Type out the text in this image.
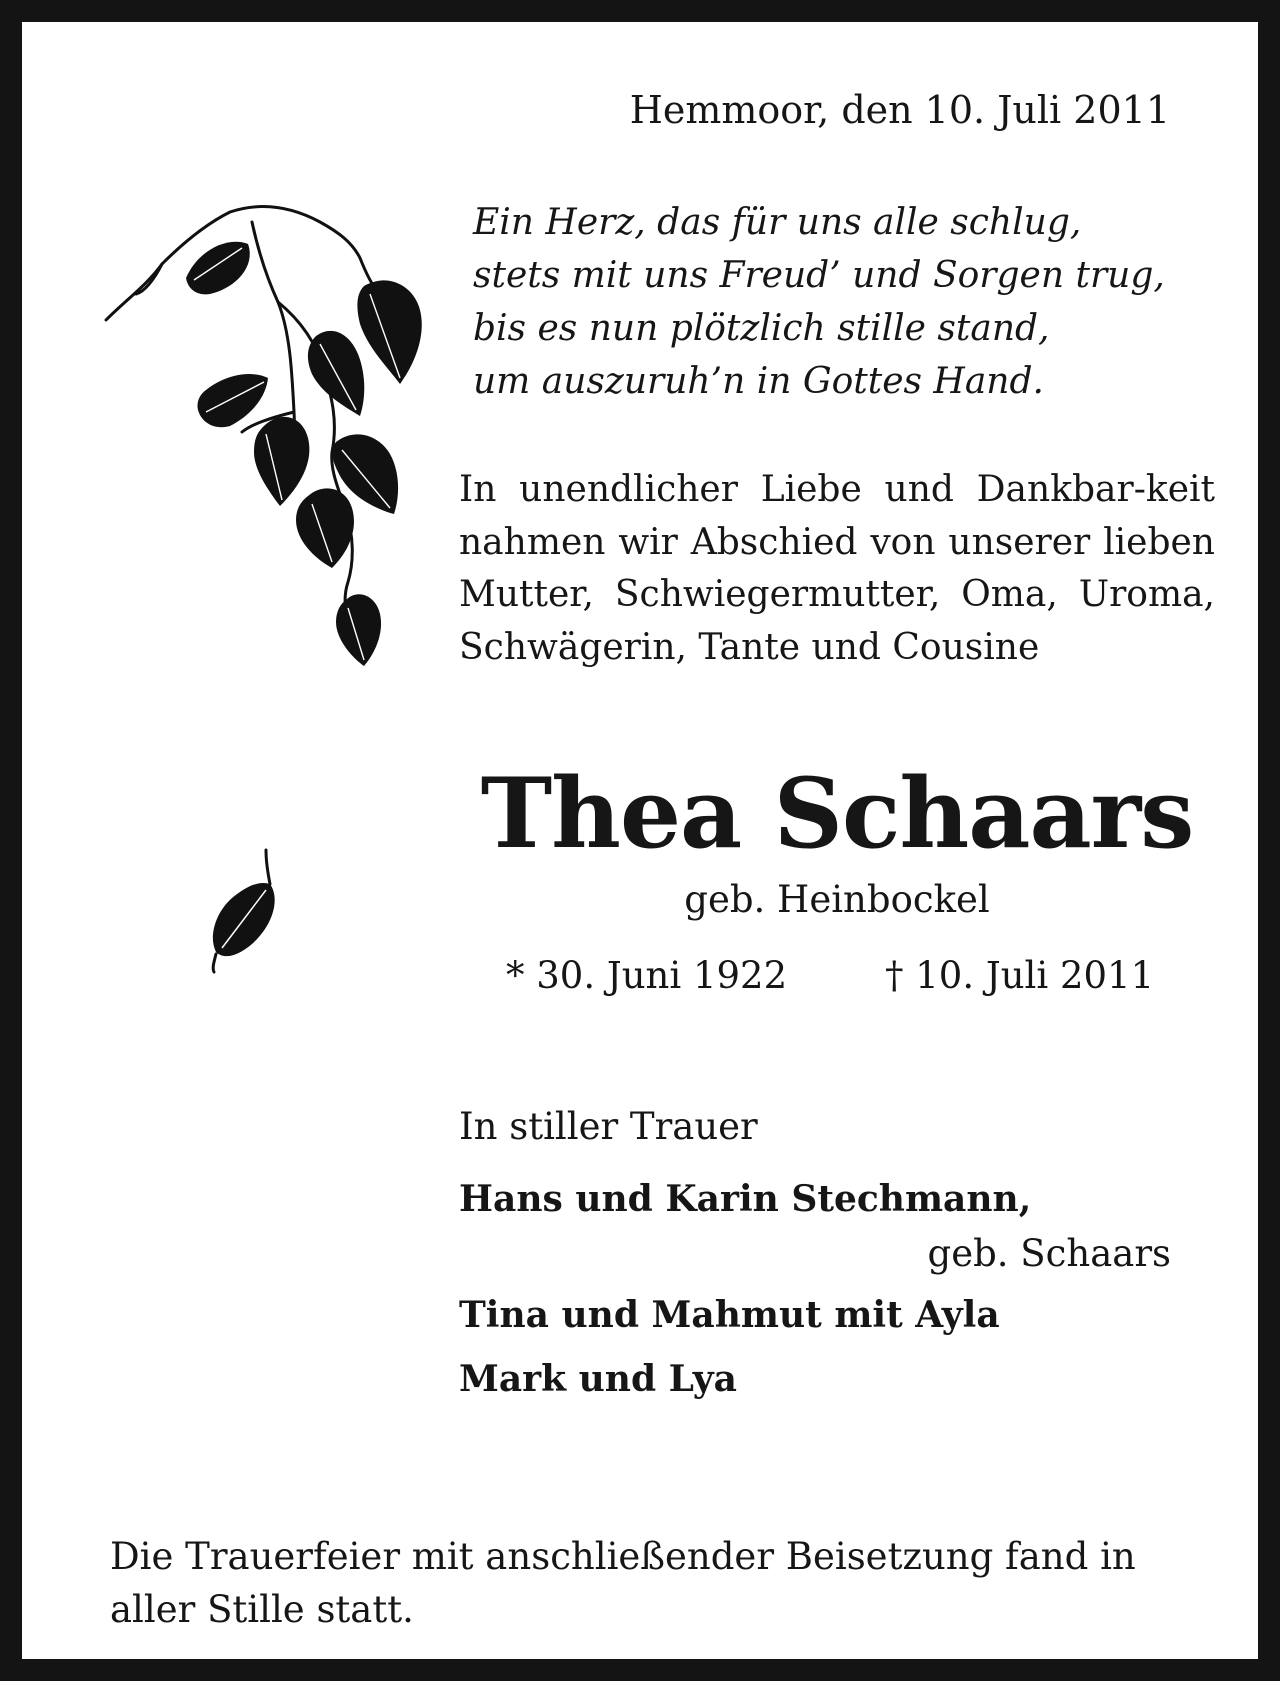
Hemmoor, den 10. Juli 2011
Ein Herz, das für uns alle schlug,
stets mit uns Freud’ und Sorgen trug,
bis es nun plötzlich stille stand,
um auszuruh’n in Gottes Hand.
In unendlicher Liebe und Dankbar-keit nahmen wir Abschied von unserer lieben Mutter, Schwiegermutter, Oma, Uroma, Schwägerin, Tante und Cousine
Thea Schaars
geb. Heinbockel
* 30. Juni 1922	† 10. Juli 2011
In stiller Trauer
Hans und Karin Stechmann,
geb. Schaars
Tina und Mahmut mit Ayla
Mark und Lya
Die Trauerfeier mit anschließender Beisetzung fand in aller Stille statt.
